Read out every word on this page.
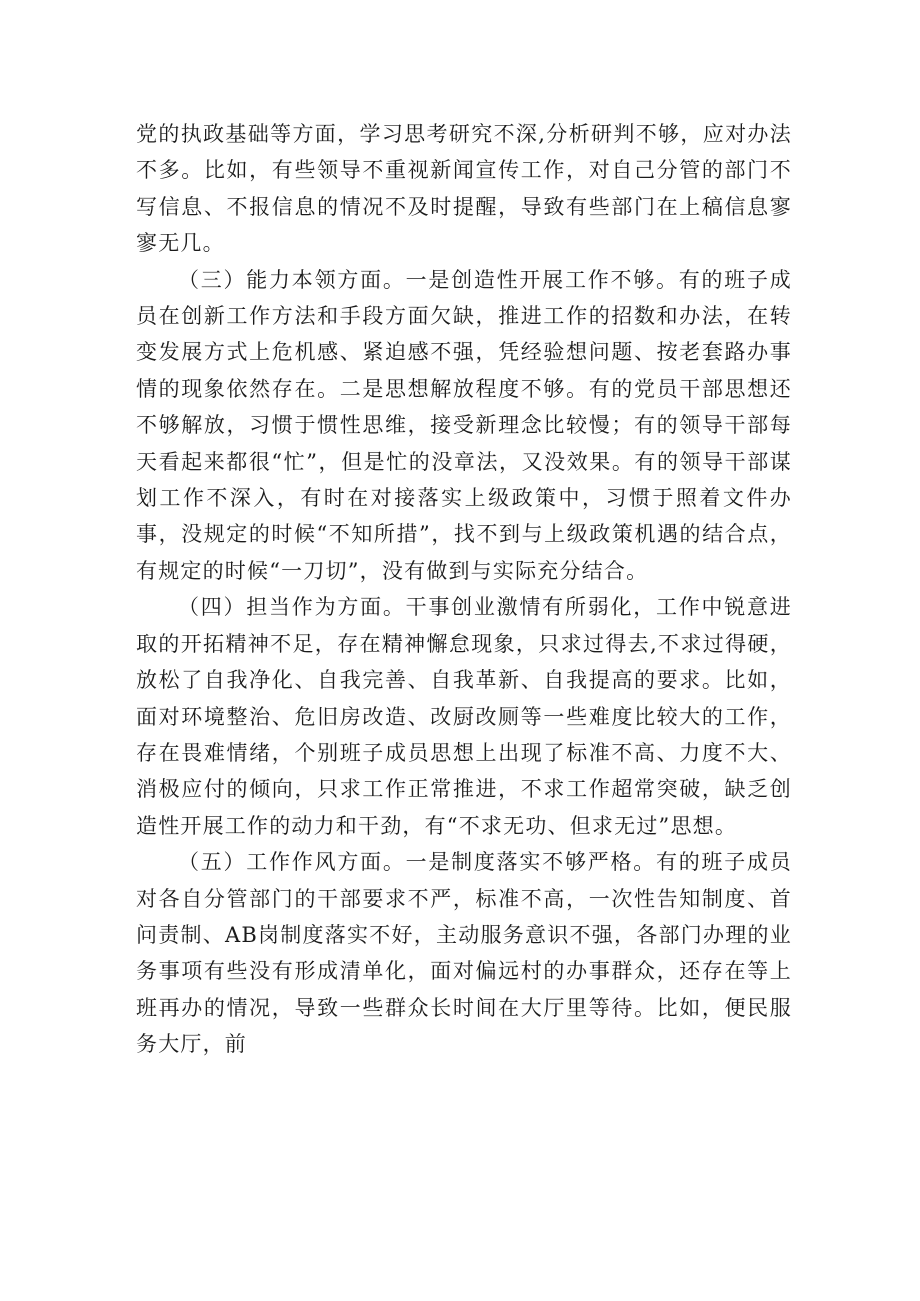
党的执政基础等方面，学习思考研究不深,分析研判不够，应对办法不多。比如，有些领导不重视新闻宣传工作，对自己分管的部门不写信息、不报信息的情况不及时提醒，导致有些部门在上稿信息寥寥无几。

（三）能力本领方面。一是创造性开展工作不够。有的班子成员在创新工作方法和手段方面欠缺，推进工作的招数和办法，在转变发展方式上危机感、紧迫感不强，凭经验想问题、按老套路办事情的现象依然存在。二是思想解放程度不够。有的党员干部思想还不够解放，习惯于惯性思维，接受新理念比较慢；有的领导干部每天看起来都很“忙”，但是忙的没章法，又没效果。有的领导干部谋划工作不深入，有时在对接落实上级政策中，习惯于照着文件办事，没规定的时候“不知所措”，找不到与上级政策机遇的结合点，有规定的时候“一刀切”，没有做到与实际充分结合。

（四）担当作为方面。干事创业激情有所弱化，工作中锐意进取的开拓精神不足，存在精神懈怠现象，只求过得去,不求过得硬，放松了自我净化、自我完善、自我革新、自我提高的要求。比如，面对环境整治、危旧房改造、改厨改厕等一些难度比较大的工作，存在畏难情绪，个别班子成员思想上出现了标准不高、力度不大、消极应付的倾向，只求工作正常推进，不求工作超常突破，缺乏创造性开展工作的动力和干劲，有“不求无功、但求无过”思想。

（五）工作作风方面。一是制度落实不够严格。有的班子成员对各自分管部门的干部要求不严，标准不高，一次性告知制度、首问责制、AB岗制度落实不好，主动服务意识不强，各部门办理的业务事项有些没有形成清单化，面对偏远村的办事群众，还存在等上班再办的情况，导致一些群众长时间在大厅里等待。比如，便民服务大厅，前
